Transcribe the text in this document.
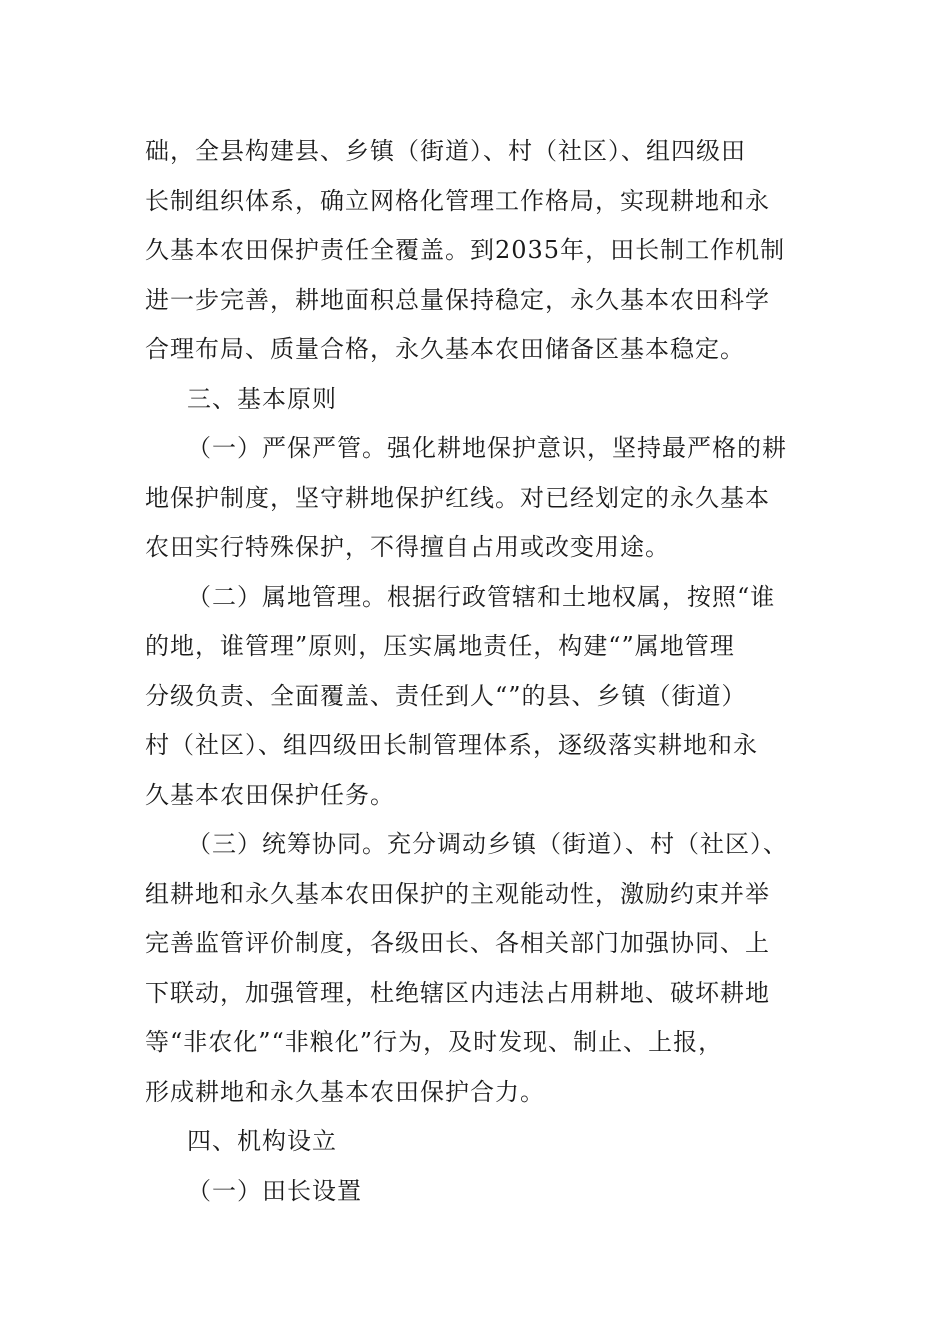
础，全县构建县、乡镇（街道）、村（社区）、组四级田
长制组织体系，确立网格化管理工作格局，实现耕地和永
久基本农田保护责任全覆盖。到2035年，田长制工作机制
进一步完善，耕地面积总量保持稳定，永久基本农田科学
合理布局、质量合格，永久基本农田储备区基本稳定。
三、基本原则
（一）严保严管。强化耕地保护意识，坚持最严格的耕
地保护制度，坚守耕地保护红线。对已经划定的永久基本
农田实行特殊保护，不得擅自占用或改变用途。
（二）属地管理。根据行政管辖和土地权属，按照“谁
的地，谁管理”原则，压实属地责任，构建“”属地管理
分级负责、全面覆盖、责任到人“”的县、乡镇（街道）
村（社区）、组四级田长制管理体系，逐级落实耕地和永
久基本农田保护任务。
（三）统筹协同。充分调动乡镇（街道）、村（社区）、
组耕地和永久基本农田保护的主观能动性，激励约束并举
完善监管评价制度，各级田长、各相关部门加强协同、上
下联动，加强管理，杜绝辖区内违法占用耕地、破坏耕地
等“非农化”“非粮化”行为，及时发现、制止、上报，
形成耕地和永久基本农田保护合力。
四、机构设立
（一）田长设置
